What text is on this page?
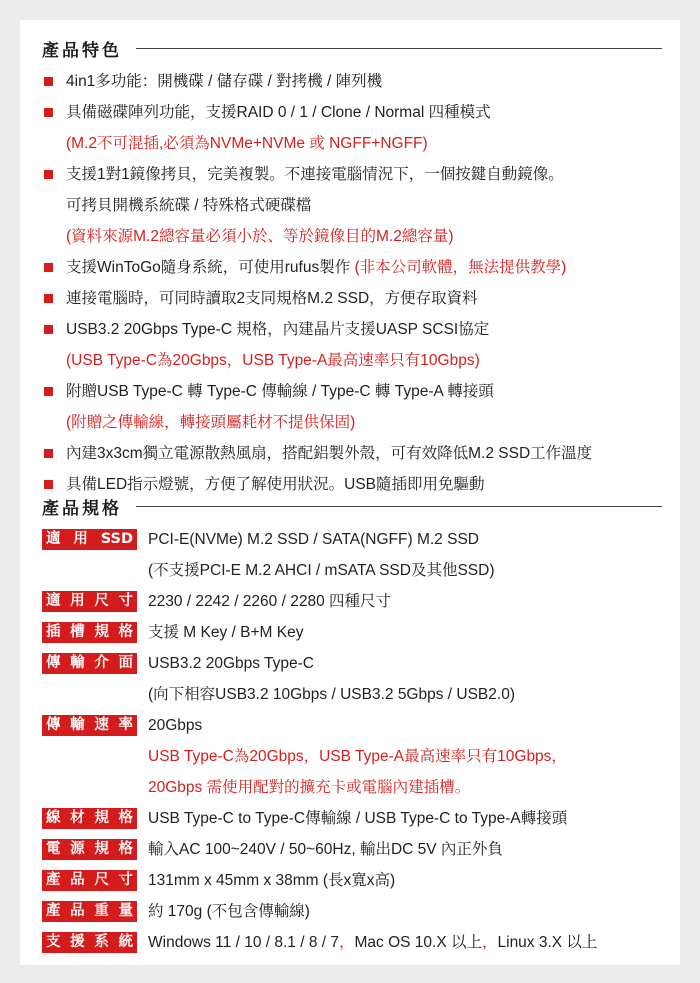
產品特色
4in1多功能：開機碟 / 儲存碟 / 對拷機 / 陣列機
具備磁碟陣列功能，支援RAID 0 / 1 / Clone / Normal 四種模式
(M.2不可混插,必須為NVMe+NVMe 或 NGFF+NGFF)
支援1對1鏡像拷貝，完美複製。不連接電腦情況下，一個按鍵自動鏡像。
可拷貝開機系統碟 / 特殊格式硬碟檔
(資料來源M.2總容量必須小於、等於鏡像目的M.2總容量)
支援WinToGo隨身系統，可使用rufus製作 (非本公司軟體，無法提供教學)
連接電腦時，可同時讀取2支同規格M.2 SSD，方便存取資料
USB3.2 20Gbps Type-C 規格，內建晶片支援UASP SCSI協定
(USB Type-C為20Gbps，USB Type-A最高速率只有10Gbps)
附贈USB Type-C 轉 Type-C 傳輸線 / Type-C 轉 Type-A 轉接頭
(附贈之傳輸線，轉接頭屬耗材不提供保固)
內建3x3cm獨立電源散熱風扇，搭配鋁製外殼，可有效降低M.2 SSD工作溫度
具備LED指示燈號，方便了解使用狀況。USB隨插即用免驅動
產品規格
適用SSD PCI-E(NVMe) M.2 SSD / SATA(NGFF) M.2 SSD
(不支援PCI-E M.2 AHCI / mSATA SSD及其他SSD)
適用尺寸 2230 / 2242 / 2260 / 2280 四種尺寸
插槽規格 支援 M Key / B+M Key
傳輸介面 USB3.2 20Gbps Type-C
(向下相容USB3.2 10Gbps / USB3.2 5Gbps / USB2.0)
傳輸速率 20Gbps
USB Type-C為20Gbps，USB Type-A最高速率只有10Gbps，
20Gbps 需使用配對的擴充卡或電腦內建插槽。
線材規格 USB Type-C to Type-C傳輸線 / USB Type-C to Type-A轉接頭
電源規格 輸入AC 100~240V / 50~60Hz, 輸出DC 5V 內正外負
產品尺寸 131mm x 45mm x 38mm (長x寬x高)
產品重量 約 170g (不包含傳輸線)
支援系統 Windows 11 / 10 / 8.1 / 8 / 7，Mac OS 10.X 以上，Linux 3.X 以上
